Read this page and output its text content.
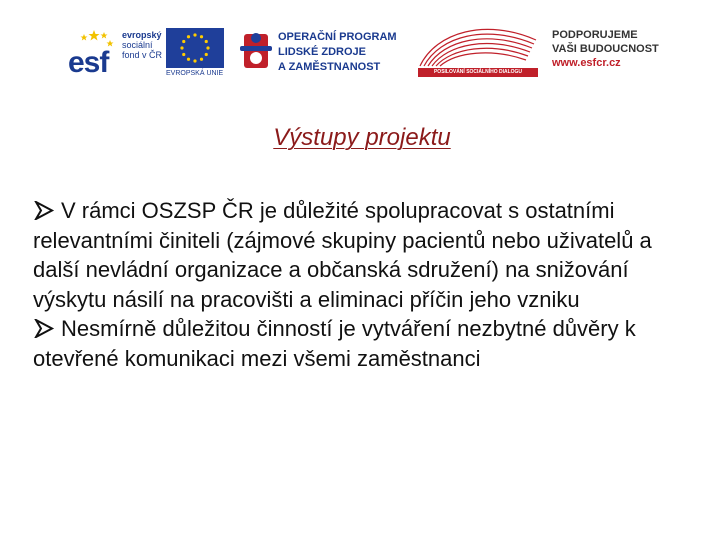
esf
evropský
sociální
fond v ČR
EVROPSKÁ UNIE
OPERAČNÍ PROGRAM
LIDSKÉ ZDROJE
A ZAMĚSTNANOST	POSILOVÁNÍ SOCIÁLNÍHO DIALOGU
PODPORUJEME
VAŠI BUDOUCNOST
www.esfcr.cz
Výstupy projektu

V rámci OSZSP ČR je důležité spolupracovat s ostatními relevantními činiteli (zájmové skupiny pacientů nebo uživatelů a další nevládní organizace a občanská sdružení) na snižování výskytu násilí na pracovišti a eliminaci příčin jeho vzniku

Nesmírně důležitou činností je vytváření nezbytné důvěry k otevřené komunikaci mezi všemi zaměstnanci
